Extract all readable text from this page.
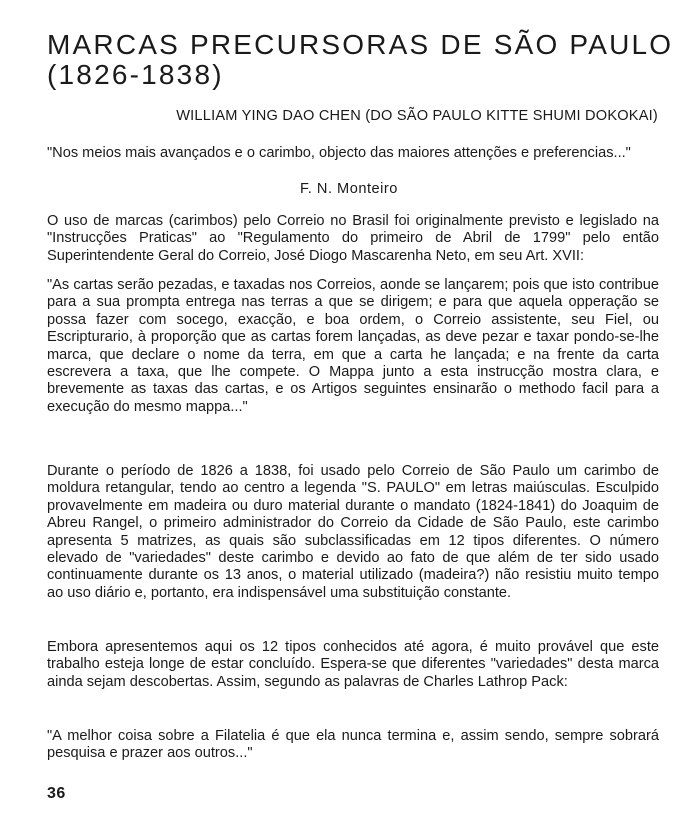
MARCAS PRECURSORAS DE SÃO PAULO
(1826-1838)
WILLIAM YING DAO CHEN (DO SÃO PAULO KITTE SHUMI DOKOKAI)
"Nos meios mais avançados e o carimbo, objecto das maiores attenções e preferencias..."
F. N. Monteiro

O uso de marcas (carimbos) pelo Correio no Brasil foi originalmente previsto e legislado na "Instrucções Praticas" ao "Regulamento do primeiro de Abril de 1799" pelo então Superintendente Geral do Correio, José Diogo Mascarenha Neto, em seu Art. XVII:

"As cartas serão pezadas, e taxadas nos Correios, aonde se lançarem; pois que isto contribue para a sua prompta entrega nas terras a que se dirigem; e para que aquela opperação se possa fazer com socego, exacção, e boa ordem, o Correio assistente, seu Fiel, ou Escripturario, à proporção que as cartas forem lançadas, as deve pezar e taxar pondo-se-lhe marca, que declare o nome da terra, em que a carta he lançada; e na frente da carta escrevera a taxa, que lhe compete. O Mappa junto a esta instrucção mostra clara, e brevemente as taxas das cartas, e os Artigos seguintes ensinarão o methodo facil para a execução do mesmo mappa..."

Durante o período de 1826 a 1838, foi usado pelo Correio de São Paulo um carimbo de moldura retangular, tendo ao centro a legenda "S. PAULO" em letras maiúsculas. Esculpido provavelmente em madeira ou duro material durante o mandato (1824-1841) do Joaquim de Abreu Rangel, o primeiro administrador do Correio da Cidade de São Paulo, este carimbo apresenta 5 matrizes, as quais são subclassificadas em 12 tipos diferentes. O número elevado de "variedades" deste carimbo e devido ao fato de que além de ter sido usado continuamente durante os 13 anos, o material utilizado (madeira?) não resistiu muito tempo ao uso diário e, portanto, era indispensável uma substituição constante.

Embora apresentemos aqui os 12 tipos conhecidos até agora, é muito provável que este trabalho esteja longe de estar concluído. Espera-se que diferentes "variedades" desta marca ainda sejam descobertas. Assim, segundo as palavras de Charles Lathrop Pack:

"A melhor coisa sobre a Filatelia é que ela nunca termina e, assim sendo, sempre sobrará pesquisa e prazer aos outros..."

36
